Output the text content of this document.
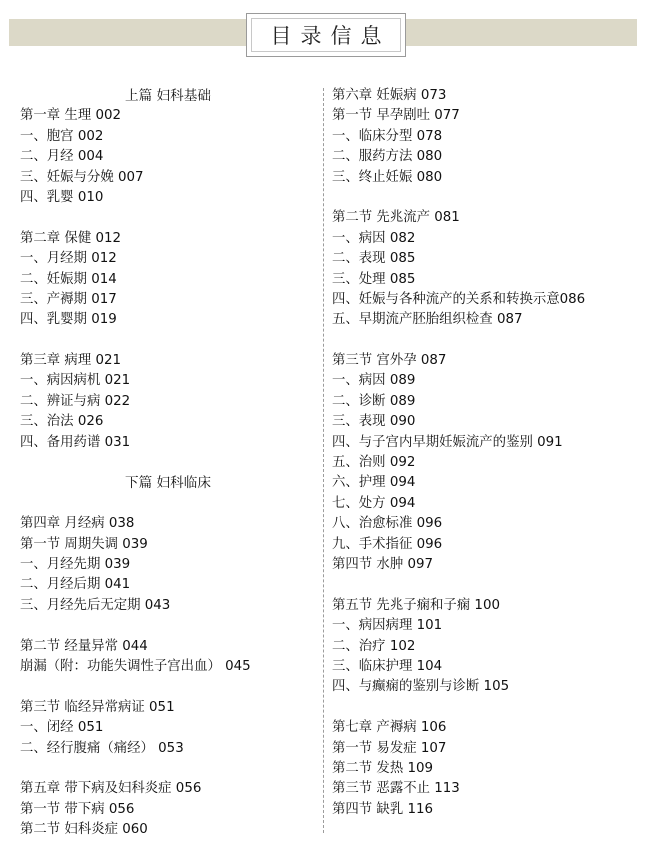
目录信息
上篇 妇科基础
第一章 生理 002
一、胞宫 002
二、月经 004
三、妊娠与分娩 007
四、乳婴 010
第二章 保健 012
一、月经期 012
二、妊娠期 014
三、产褥期 017
四、乳婴期 019
第三章 病理 021
一、病因病机 021
二、辨证与病 022
三、治法 026
四、备用药谱 031
下篇 妇科临床
第四章 月经病 038
第一节 周期失调 039
一、月经先期 039
二、月经后期 041
三、月经先后无定期 043
第二节 经量异常 044
崩漏（附：功能失调性子宫出血） 045
第三节 临经异常病证 051
一、闭经 051
二、经行腹痛（痛经） 053
第五章 带下病及妇科炎症 056
第一节 带下病 056
第二节 妇科炎症 060
第六章 妊娠病 073
第一节 早孕剧吐 077
一、临床分型 078
二、服药方法 080
三、终止妊娠 080
第二节 先兆流产 081
一、病因 082
二、表现 085
三、处理 085
四、妊娠与各种流产的关系和转换示意086
五、早期流产胚胎组织检查 087
第三节 宫外孕 087
一、病因 089
二、诊断 089
三、表现 090
四、与子宫内早期妊娠流产的鉴别 091
五、治则 092
六、护理 094
七、处方 094
八、治愈标准 096
九、手术指征 096
第四节 水肿 097
第五节 先兆子痫和子痫 100
一、病因病理 101
二、治疗 102
三、临床护理 104
四、与癫痫的鉴别与诊断 105
第七章 产褥病 106
第一节 易发症 107
第二节 发热 109
第三节 恶露不止 113
第四节 缺乳 116
